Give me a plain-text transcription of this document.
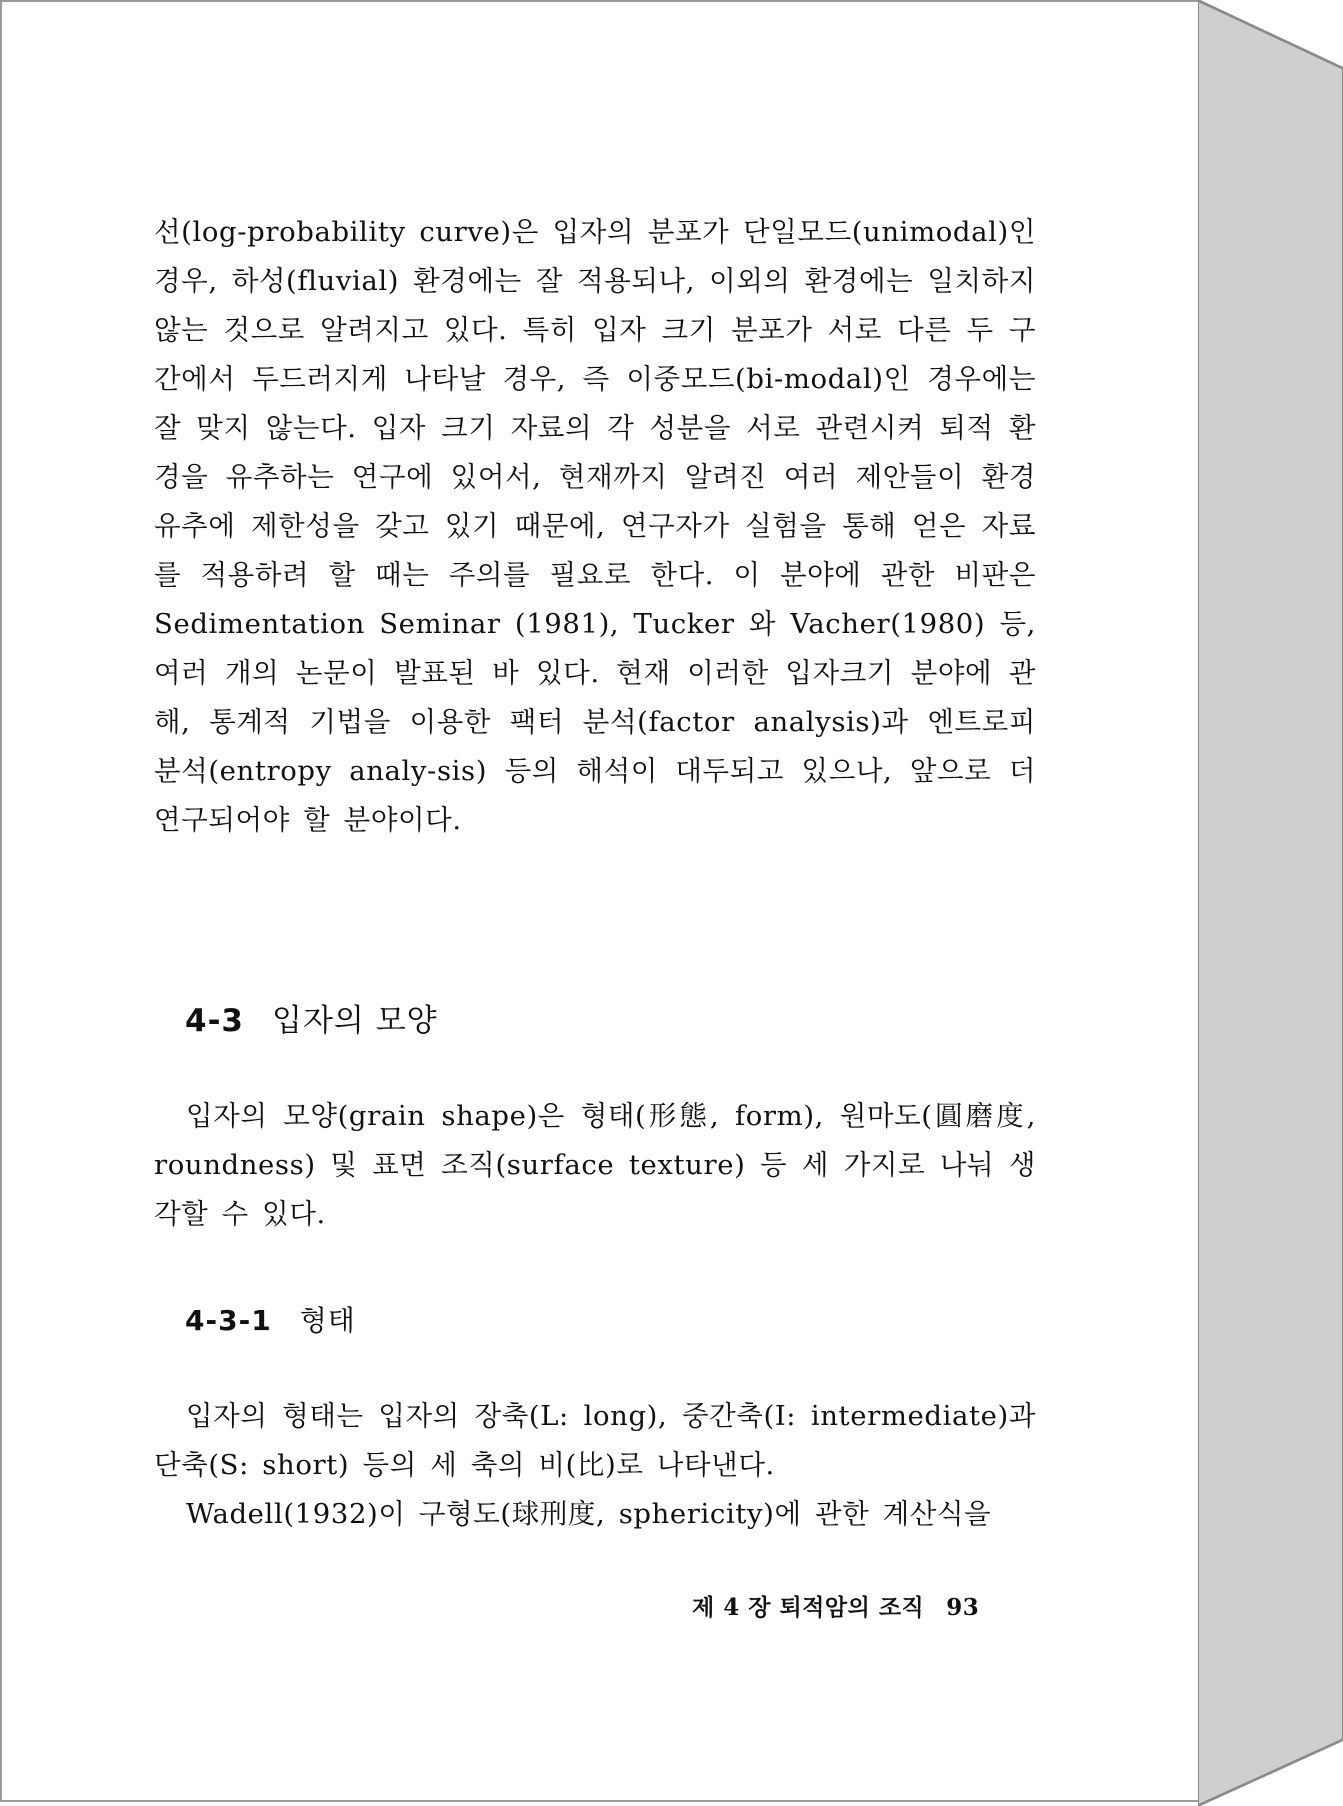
선(log-probability curve)은 입자의 분포가 단일모드(unimodal)인 경우, 하성(fluvial) 환경에는 잘 적용되나, 이외의 환경에는 일치하지 않는 것으로 알려지고 있다. 특히 입자 크기 분포가 서로 다른 두 구간에서 두드러지게 나타날 경우, 즉 이중모드(bi-modal)인 경우에는 잘 맞지 않는다. 입자 크기 자료의 각 성분을 서로 관련시켜 퇴적 환경을 유추하는 연구에 있어서, 현재까지 알려진 여러 제안들이 환경 유추에 제한성을 갖고 있기 때문에, 연구자가 실험을 통해 얻은 자료를 적용하려 할 때는 주의를 필요로 한다. 이 분야에 관한 비판은 Sedimentation Seminar (1981), Tucker 와 Vacher(1980) 등, 여러 개의 논문이 발표된 바 있다. 현재 이러한 입자크기 분야에 관해, 통계적 기법을 이용한 팩터 분석(factor analysis)과 엔트로피 분석(entropy analy-sis) 등의 해석이 대두되고 있으나, 앞으로 더 연구되어야 할 분야이다.

4-3 입자의 모양

입자의 모양(grain shape)은 형태(形態, form), 원마도(圓磨度, roundness) 및 표면 조직(surface texture) 등 세 가지로 나눠 생각할 수 있다.

4-3-1 형태

입자의 형태는 입자의 장축(L: long), 중간축(I: intermediate)과 단축(S: short) 등의 세 축의 비(比)로 나타낸다.

Wadell(1932)이 구형도(球刑度, sphericity)에 관한 계산식을

제 4 장 퇴적암의 조직 93
